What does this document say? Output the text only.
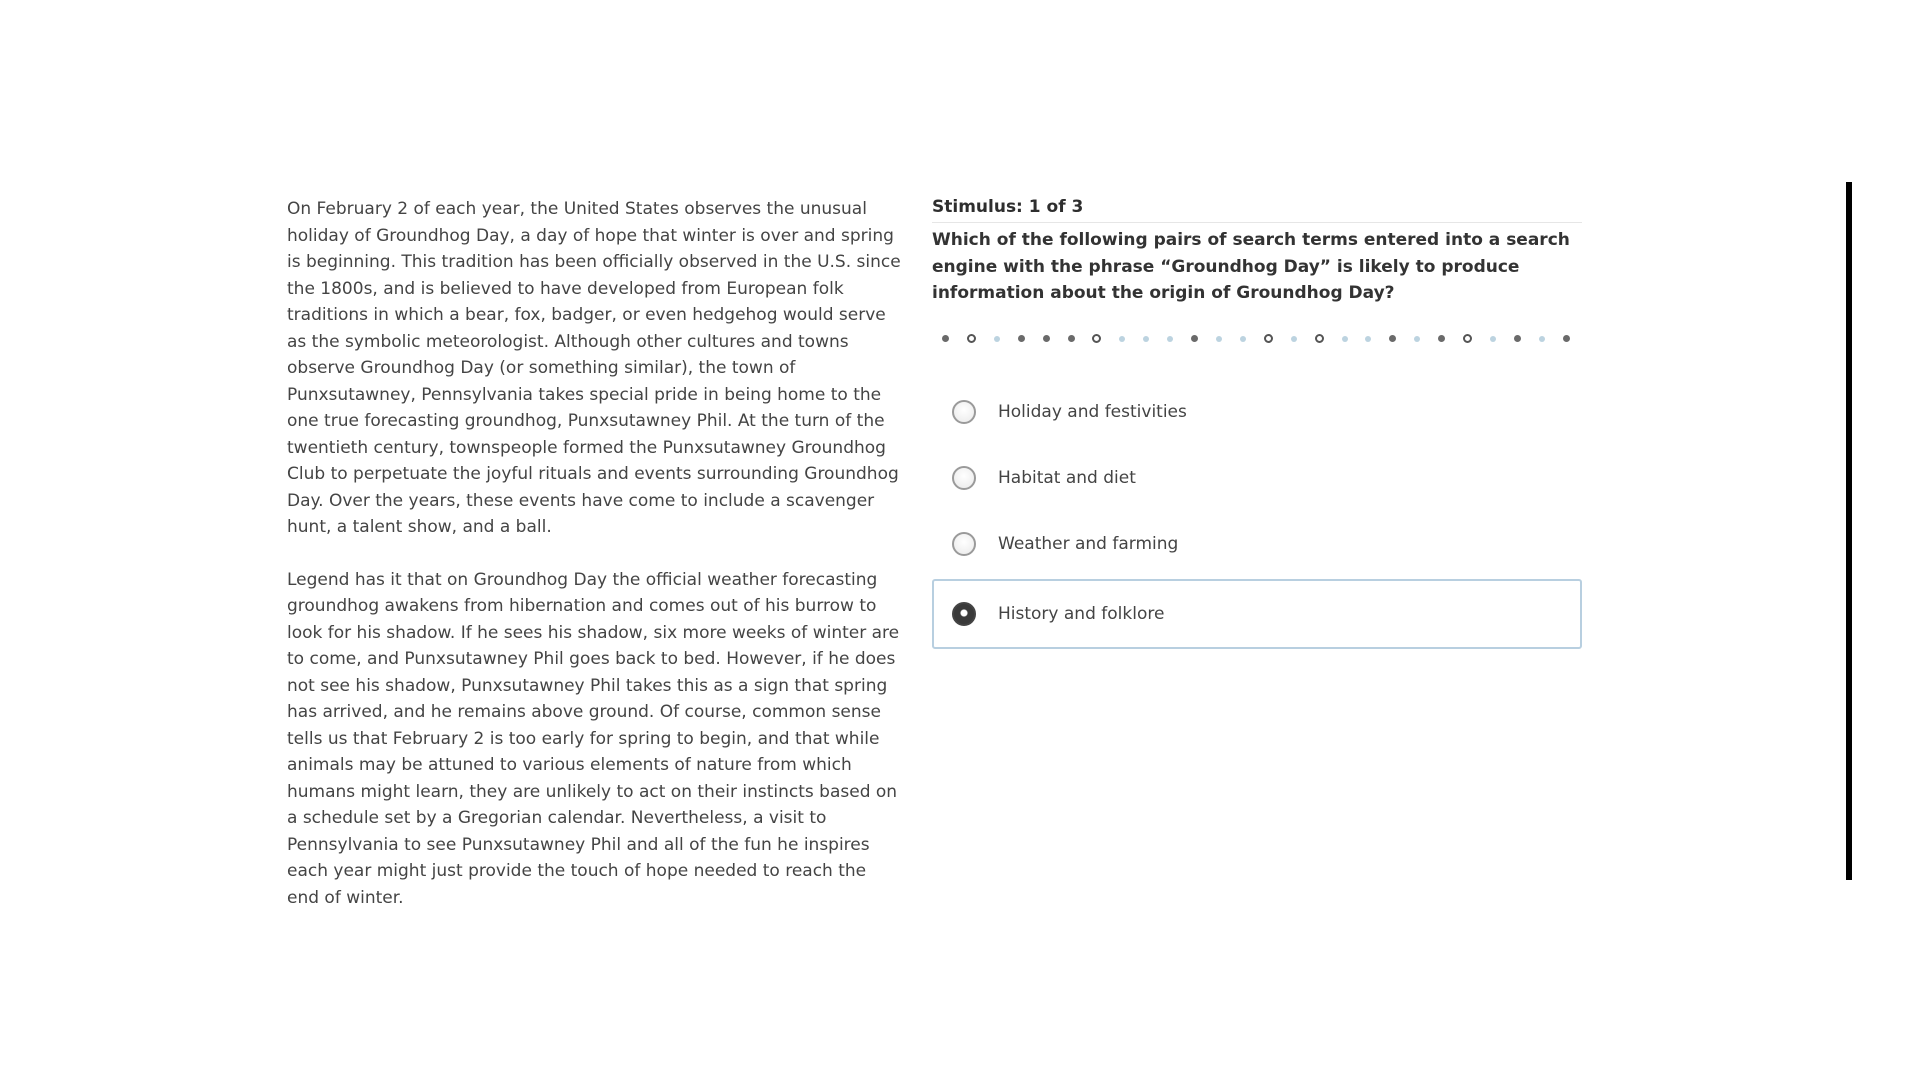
On February 2 of each year, the United States observes the unusual holiday of Groundhog Day, a day of hope that winter is over and spring is beginning. This tradition has been officially observed in the U.S. since the 1800s, and is believed to have developed from European folk traditions in which a bear, fox, badger, or even hedgehog would serve as the symbolic meteorologist. Although other cultures and towns observe Groundhog Day (or something similar), the town of Punxsutawney, Pennsylvania takes special pride in being home to the one true forecasting groundhog, Punxsutawney Phil. At the turn of the twentieth century, townspeople formed the Punxsutawney Groundhog Club to perpetuate the joyful rituals and events surrounding Groundhog Day. Over the years, these events have come to include a scavenger hunt, a talent show, and a ball.

Legend has it that on Groundhog Day the official weather forecasting groundhog awakens from hibernation and comes out of his burrow to look for his shadow. If he sees his shadow, six more weeks of winter are to come, and Punxsutawney Phil goes back to bed. However, if he does not see his shadow, Punxsutawney Phil takes this as a sign that spring has arrived, and he remains above ground. Of course, common sense tells us that February 2 is too early for spring to begin, and that while animals may be attuned to various elements of nature from which humans might learn, they are unlikely to act on their instincts based on a schedule set by a Gregorian calendar. Nevertheless, a visit to Pennsylvania to see Punxsutawney Phil and all of the fun he inspires each year might just provide the touch of hope needed to reach the end of winter.

Stimulus: 1 of 3
Which of the following pairs of search terms entered into a search engine with the phrase “Groundhog Day” is likely to produce information about the origin of Groundhog Day?
Holiday and festivities
Habitat and diet
Weather and farming
History and folklore
